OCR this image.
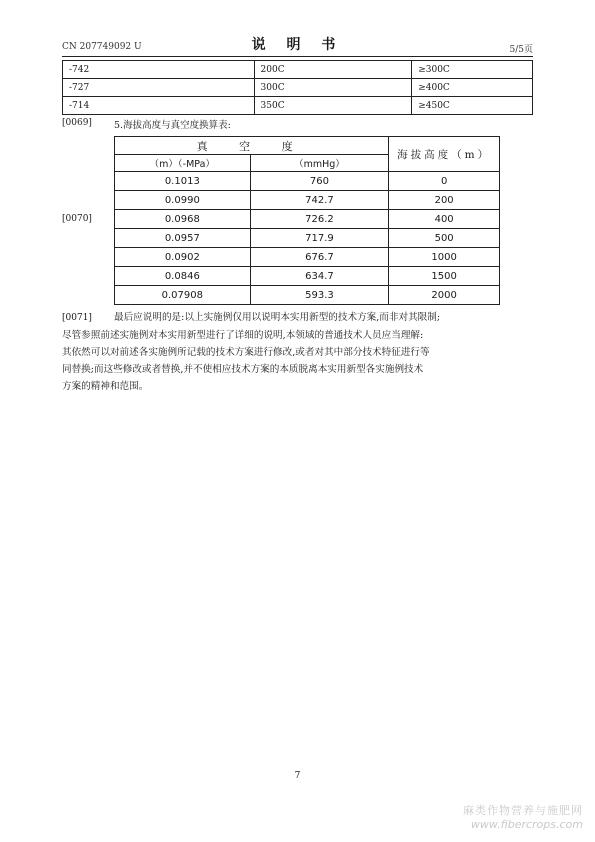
CN 207749092 U	说 明 书	5/5页
-742	200C	≥300C
-727	300C	≥400C
-714	350C	≥450C
[0069] 5.海拔高度与真空度换算表:
真 空 度		海拔高度（m）
（m）（-MPa）	（mmHg）	
0.1013	760	0
0.0990	742.7	200
0.0968	726.2	400
0.0957	717.9	500
0.0902	676.7	1000
0.0846	634.7	1500
0.07908	593.3	2000
[0070]
[0071] 最后应说明的是:以上实施例仅用以说明本实用新型的技术方案,而非对其限制;
尽管参照前述实施例对本实用新型进行了详细的说明,本领域的普通技术人员应当理解:
其依然可以对前述各实施例所记载的技术方案进行修改,或者对其中部分技术特征进行等
同替换;而这些修改或者替换,并不使相应技术方案的本质脱离本实用新型各实施例技术
方案的精神和范围。
7
麻类作物营养与施肥网
www.fibercrops.com
